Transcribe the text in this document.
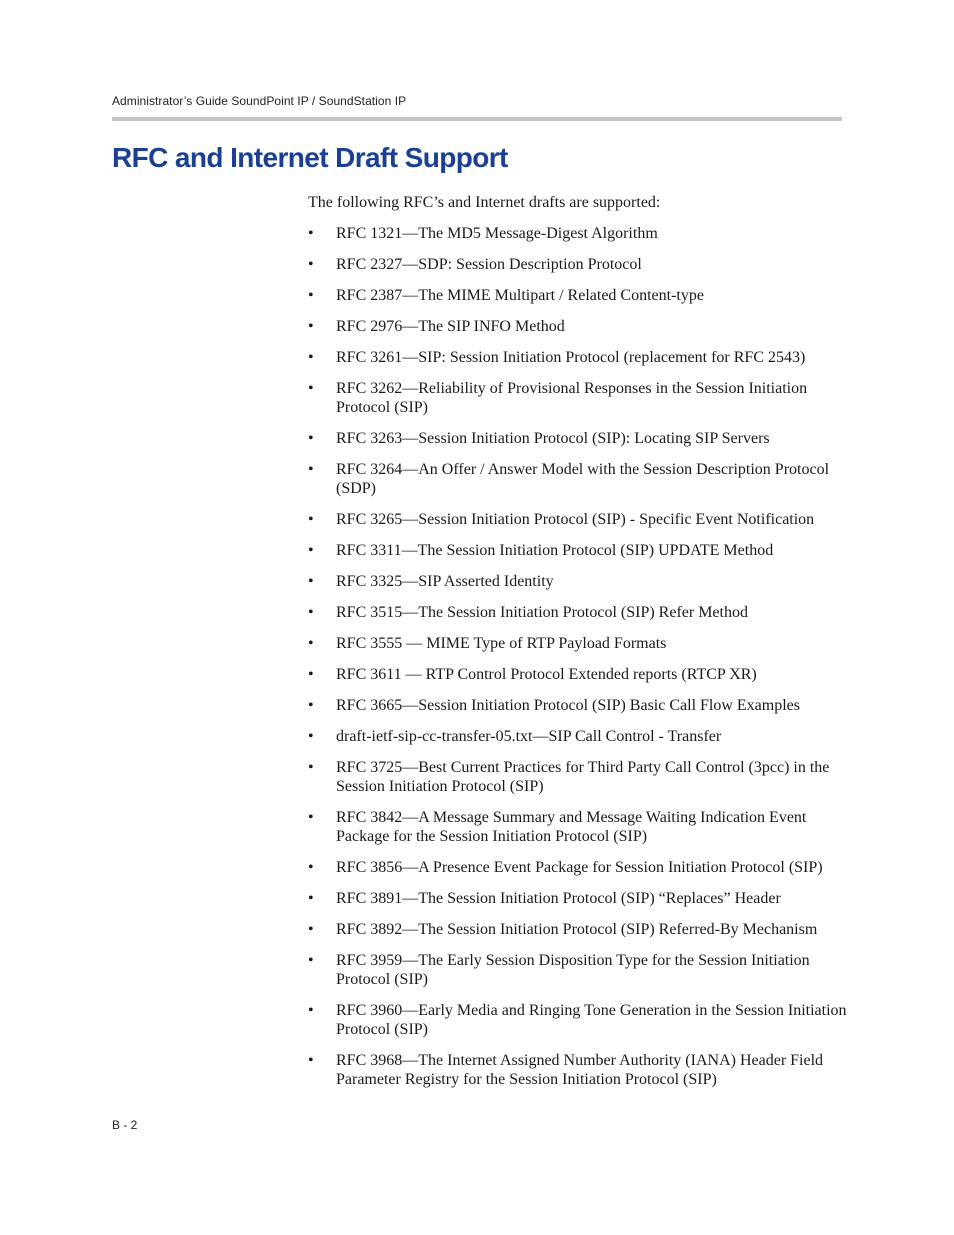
Administrator’s Guide SoundPoint IP / SoundStation IP
RFC and Internet Draft Support

The following RFC’s and Internet drafts are supported:

•	RFC 1321—The MD5 Message-Digest Algorithm
•	RFC 2327—SDP: Session Description Protocol
•	RFC 2387—The MIME Multipart / Related Content-type
•	RFC 2976—The SIP INFO Method
•	RFC 3261—SIP: Session Initiation Protocol (replacement for RFC 2543)
•	RFC 3262—Reliability of Provisional Responses in the Session Initiation Protocol (SIP)
•	RFC 3263—Session Initiation Protocol (SIP): Locating SIP Servers
•	RFC 3264—An Offer / Answer Model with the Session Description Protocol (SDP)
•	RFC 3265—Session Initiation Protocol (SIP) - Specific Event Notification
•	RFC 3311—The Session Initiation Protocol (SIP) UPDATE Method
•	RFC 3325—SIP Asserted Identity
•	RFC 3515—The Session Initiation Protocol (SIP) Refer Method
•	RFC 3555 — MIME Type of RTP Payload Formats
•	RFC 3611 — RTP Control Protocol Extended reports (RTCP XR)
•	RFC 3665—Session Initiation Protocol (SIP) Basic Call Flow Examples
•	draft-ietf-sip-cc-transfer-05.txt—SIP Call Control - Transfer
•	RFC 3725—Best Current Practices for Third Party Call Control (3pcc) in the Session Initiation Protocol (SIP)
•	RFC 3842—A Message Summary and Message Waiting Indication Event Package for the Session Initiation Protocol (SIP)
•	RFC 3856—A Presence Event Package for Session Initiation Protocol (SIP)
•	RFC 3891—The Session Initiation Protocol (SIP) “Replaces” Header
•	RFC 3892—The Session Initiation Protocol (SIP) Referred-By Mechanism
•	RFC 3959—The Early Session Disposition Type for the Session Initiation Protocol (SIP)
•	RFC 3960—Early Media and Ringing Tone Generation in the Session Initiation Protocol (SIP)
•	RFC 3968—The Internet Assigned Number Authority (IANA) Header Field Parameter Registry for the Session Initiation Protocol (SIP)
B - 2
